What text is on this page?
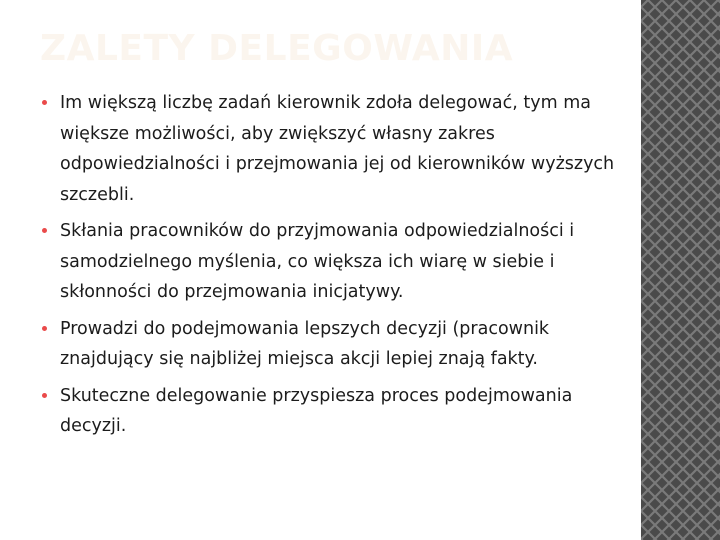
ZALETY DELEGOWANIA
Im większą liczbę zadań kierownik zdoła delegować, tym ma większe możliwości, aby zwiększyć własny zakres odpowiedzialności i przejmowania jej od kierowników wyższych szczebli.
Skłania pracowników do przyjmowania odpowiedzialności i samodzielnego myślenia, co większa ich wiarę w siebie i skłonności do przejmowania inicjatywy.
Prowadzi do podejmowania lepszych decyzji (pracownik znajdujący się najbliżej miejsca akcji lepiej znają fakty.
Skuteczne delegowanie przyspiesza proces podejmowania decyzji.
